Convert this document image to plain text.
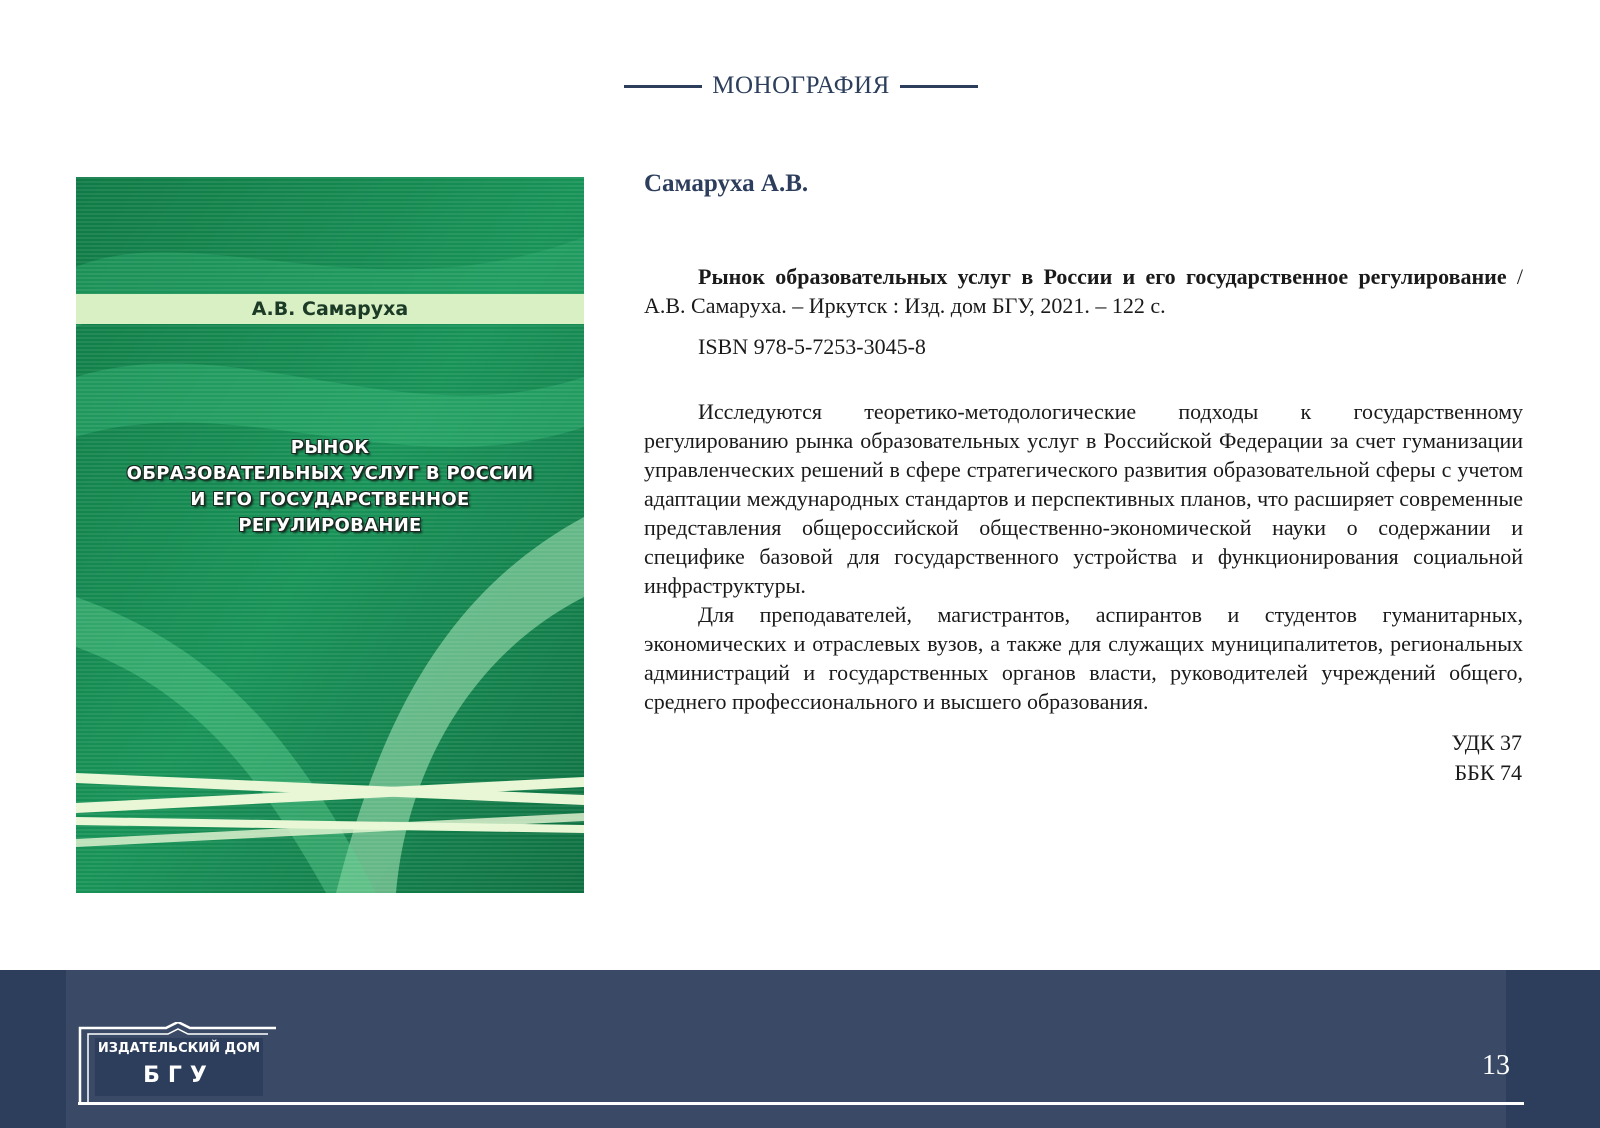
МОНОГРАФИЯ
А.В. Самаруха
РЫНОК
ОБРАЗОВАТЕЛЬНЫХ УСЛУГ В РОССИИ
И ЕГО ГОСУДАРСТВЕННОЕ
РЕГУЛИРОВАНИЕ
Самаруха А.В.

Рынок образовательных услуг в России и его государственное регулирование / А.В. Самаруха. – Иркутск : Изд. дом БГУ, 2021. – 122 с.

ISBN 978-5-7253-3045-8

Исследуются теоретико-методологические подходы к государственному регулированию рынка образовательных услуг в Российской Федерации за счет гуманизации управленческих решений в сфере стратегического развития образовательной сферы с учетом адаптации международных стандартов и перспективных планов, что расширяет современные представления общероссийской общественно-экономической науки о содержании и специфике базовой для государственного устройства и функционирования социальной инфраструктуры.

Для преподавателей, магистрантов, аспирантов и студентов гуманитарных, экономических и отраслевых вузов, а также для служащих муниципалитетов, региональных администраций и государственных органов власти, руководителей учреждений общего, среднего профессионального и высшего образования.

УДК 37
ББК 74
ИЗДАТЕЛЬСКИЙ ДОМ
БГУ	13
